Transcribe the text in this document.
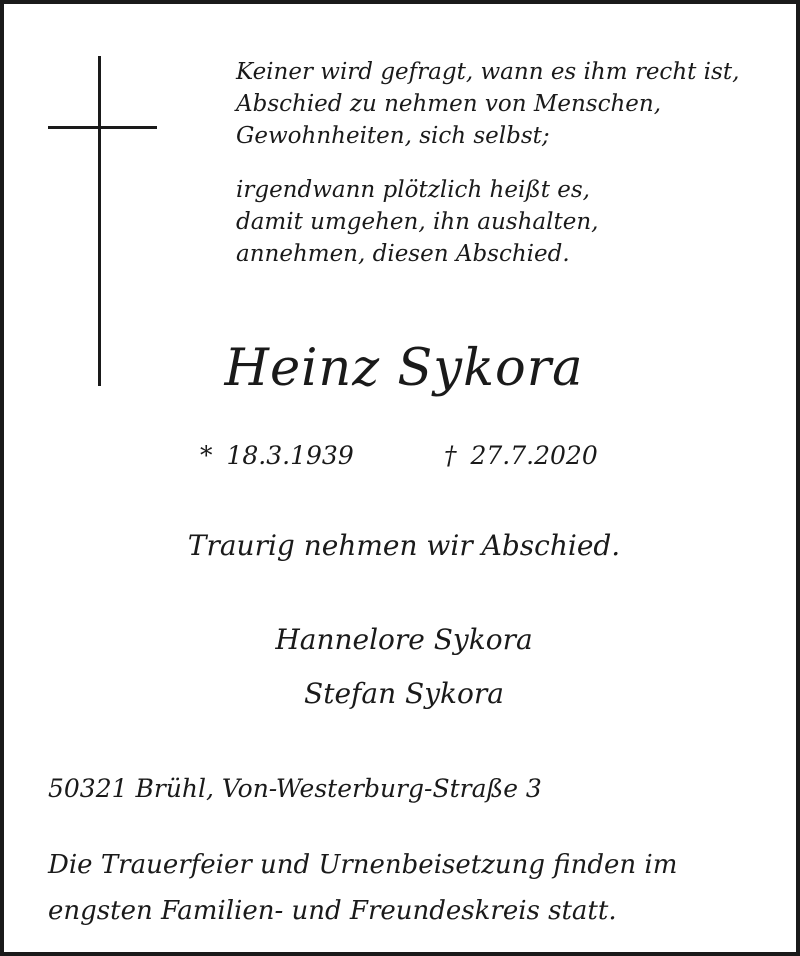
Keiner wird gefragt, wann es ihm recht ist,
Abschied zu nehmen von Menschen,
Gewohnheiten, sich selbst;
irgendwann plötzlich heißt es,
damit umgehen, ihn aushalten,
annehmen, diesen Abschied.
Heinz Sykora
* 18.3.1939	† 27.7.2020
Traurig nehmen wir Abschied.
Hannelore Sykora
Stefan Sykora
50321 Brühl, Von-Westerburg-Straße 3
Die Trauerfeier und Urnenbeisetzung finden im
engsten Familien- und Freundeskreis statt.
